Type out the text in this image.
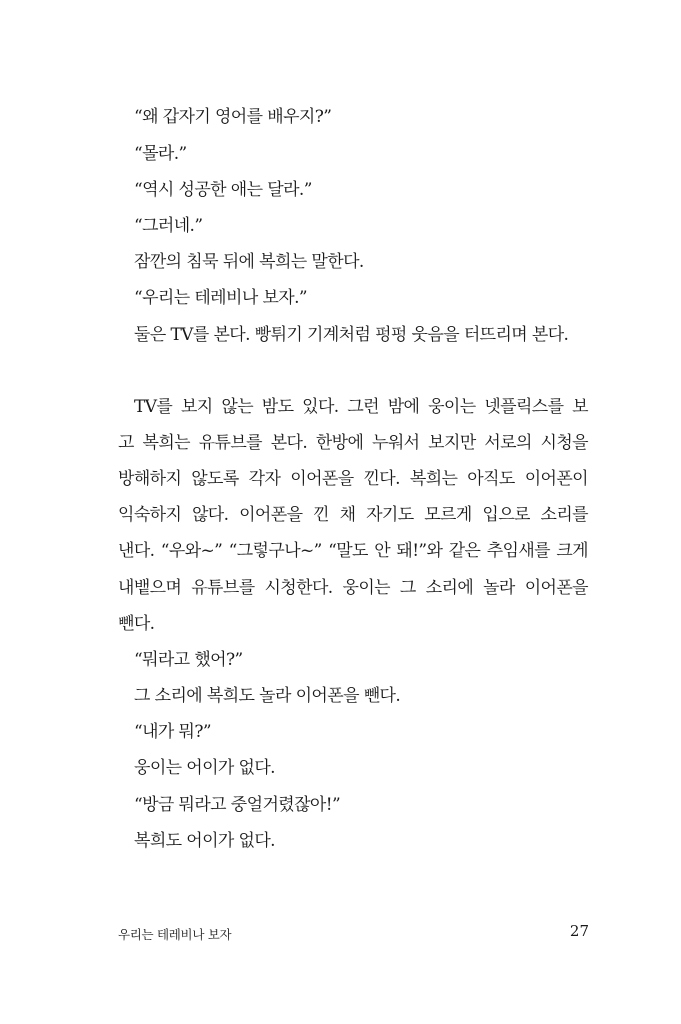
“왜 갑자기 영어를 배우지?”
“몰라.”
“역시 성공한 애는 달라.”
“그러네.”
잠깐의 침묵 뒤에 복희는 말한다.
“우리는 테레비나 보자.”
둘은 TV를 본다. 빵튀기 기계처럼 펑펑 웃음을 터뜨리며 본다.
TV를 보지 않는 밤도 있다. 그런 밤에 웅이는 넷플릭스를 보
고 복희는 유튜브를 본다. 한방에 누워서 보지만 서로의 시청을
방해하지 않도록 각자 이어폰을 낀다. 복희는 아직도 이어폰이
익숙하지 않다. 이어폰을 낀 채 자기도 모르게 입으로 소리를
낸다. “우와~” “그렇구나~” “말도 안 돼!”와 같은 추임새를 크게
내뱉으며 유튜브를 시청한다. 웅이는 그 소리에 놀라 이어폰을
뺀다.
“뭐라고 했어?”
그 소리에 복희도 놀라 이어폰을 뺀다.
“내가 뭐?”
웅이는 어이가 없다.
“방금 뭐라고 중얼거렸잖아!”
복희도 어이가 없다.
우리는 테레비나 보자	27
